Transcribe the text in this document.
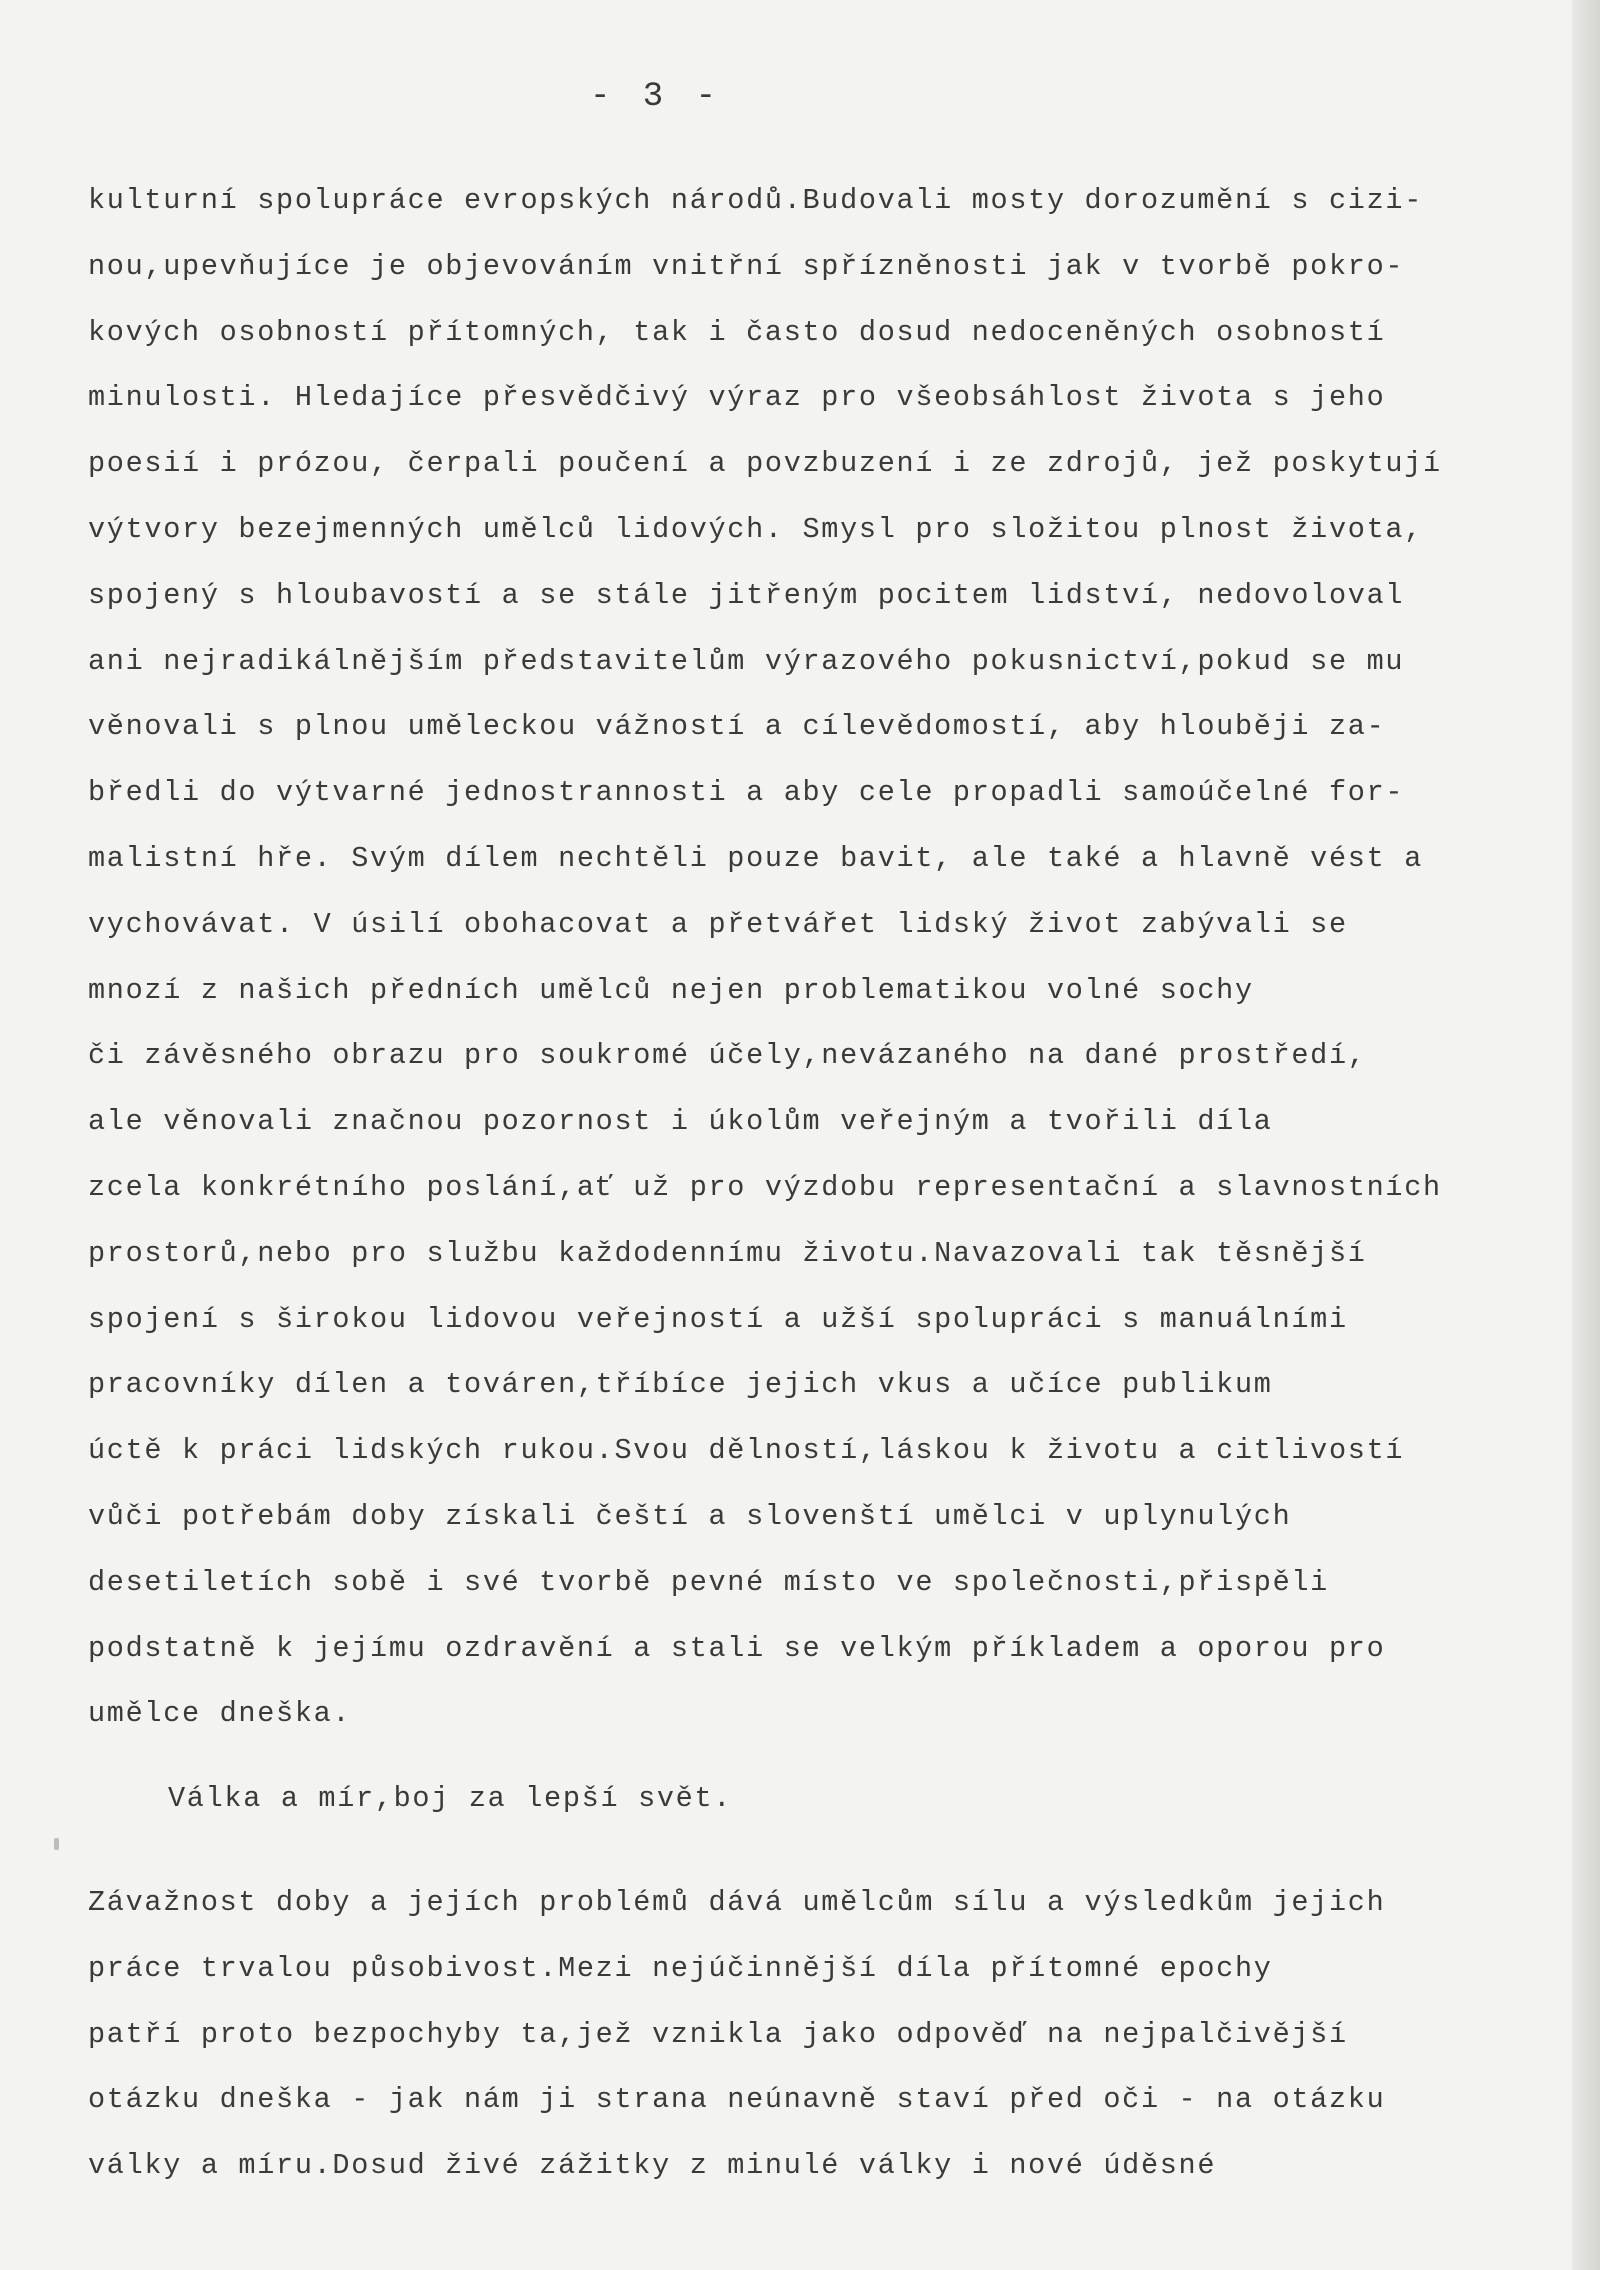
- 3 -
kulturní spolupráce evropských národů.Budovali mosty dorozumění s cizi-
nou,upevňujíce je objevováním vnitřní spřízněnosti jak v tvorbě pokro-
kových osobností přítomných, tak i často dosud nedoceněných osobností
minulosti. Hledajíce přesvědčivý výraz pro všeobsáhlost života s jeho
poesií i prózou, čerpali poučení a povzbuzení i ze zdrojů, jež poskytují
výtvory bezejmenných umělců lidových. Smysl pro složitou plnost života,
spojený s hloubavostí a se stále jitřeným pocitem lidství, nedovoloval
ani nejradikálnějším představitelům výrazového pokusnictví,pokud se mu
věnovali s plnou uměleckou vážností a cílevědomostí, aby hlouběji za-
bředli do výtvarné jednostrannosti a aby cele propadli samoúčelné for-
malistní hře. Svým dílem nechtěli pouze bavit, ale také a hlavně vést a
vychovávat. V úsilí obohacovat a přetvářet lidský život zabývali se
mnozí z našich předních umělců nejen problematikou volné sochy
či závěsného obrazu pro soukromé účely,nevázaného na dané prostředí,
ale věnovali značnou pozornost i úkolům veřejným a tvořili díla
zcela konkrétního poslání,ať už pro výzdobu representační a slavnostních
prostorů,nebo pro službu každodennímu životu.Navazovali tak těsnější
spojení s širokou lidovou veřejností a užší spolupráci s manuálními
pracovníky dílen a továren,tříbíce jejich vkus a učíce publikum
úctě k práci lidských rukou.Svou dělností,láskou k životu a citlivostí
vůči potřebám doby získali čeští a slovenští umělci v uplynulých
desetiletích sobě i své tvorbě pevné místo ve společnosti,přispěli
podstatně k jejímu ozdravění a stali se velkým příkladem a oporou pro
umělce dneška.
Válka a mír,boj za lepší svět.
Závažnost doby a jejích problémů dává umělcům sílu a výsledkům jejich
práce trvalou působivost.Mezi nejúčinnější díla přítomné epochy
patří proto bezpochyby ta,jež vznikla jako odpověď na nejpalčivější
otázku dneška - jak nám ji strana neúnavně staví před oči - na otázku
války a míru.Dosud živé zážitky z minulé války i nové úděsné
